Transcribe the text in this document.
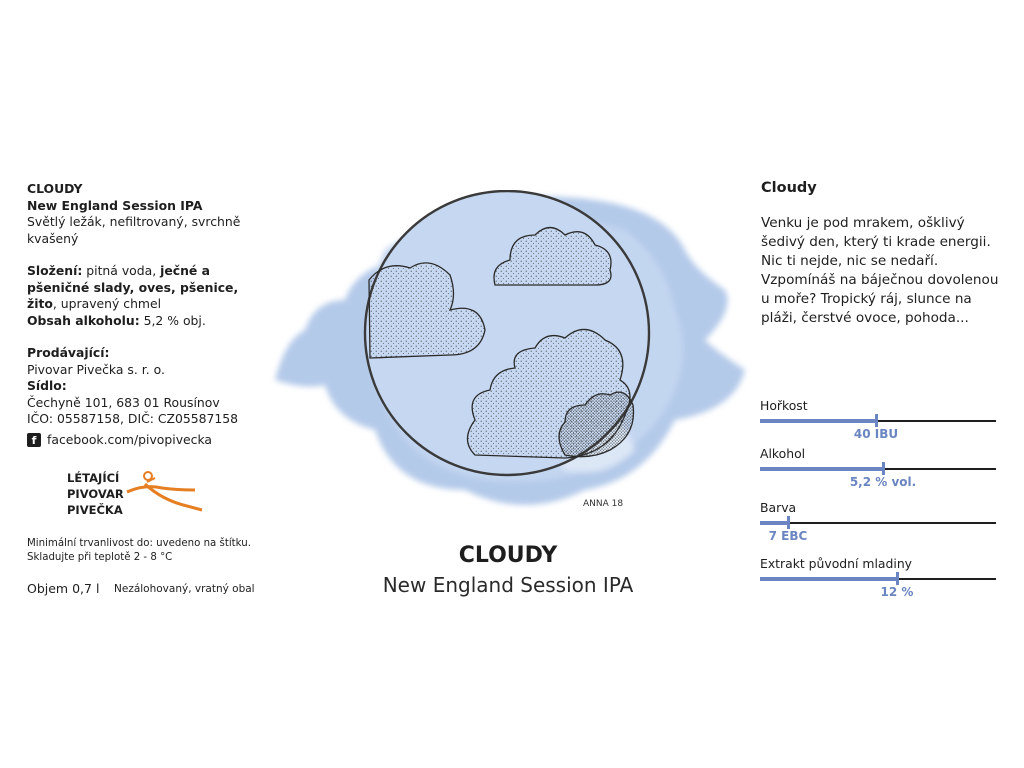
CLOUDY

New England Session IPA

Světlý ležák, nefiltrovaný, svrchně kvašený

Složení: pitná voda, ječné a pšeničné slady, oves, pšenice, žito, upravený chmel

Obsah alkoholu: 5,2 % obj.

Prodávající:

Pivovar Pivečka s. r. o.

Sídlo:

Čechyně 101, 683 01 Rousínov

IČO: 05587158, DIČ: CZ05587158

f facebook.com/pivopivecka
LÉTAJÍCÍ
PIVOVAR
PIVEČKA
Minimální trvanlivost do: uvedeno na štítku.
Skladujte při teplotě 2 - 8 °C
Objem 0,7 l Nezálohovaný, vratný obal
ANNA 18
CLOUDY
New England Session IPA
Cloudy
Venku je pod mrakem, ošklivý šedivý den, který ti krade energii. Nic ti nejde, nic se nedaří. Vzpomínáš na báječnou dovolenou u moře? Tropický ráj, slunce na pláži, čerstvé ovoce, pohoda...
Hořkost
40 IBU
Alkohol
5,2 % vol.
Barva
7 EBC
Extrakt původní mladiny
12 %
